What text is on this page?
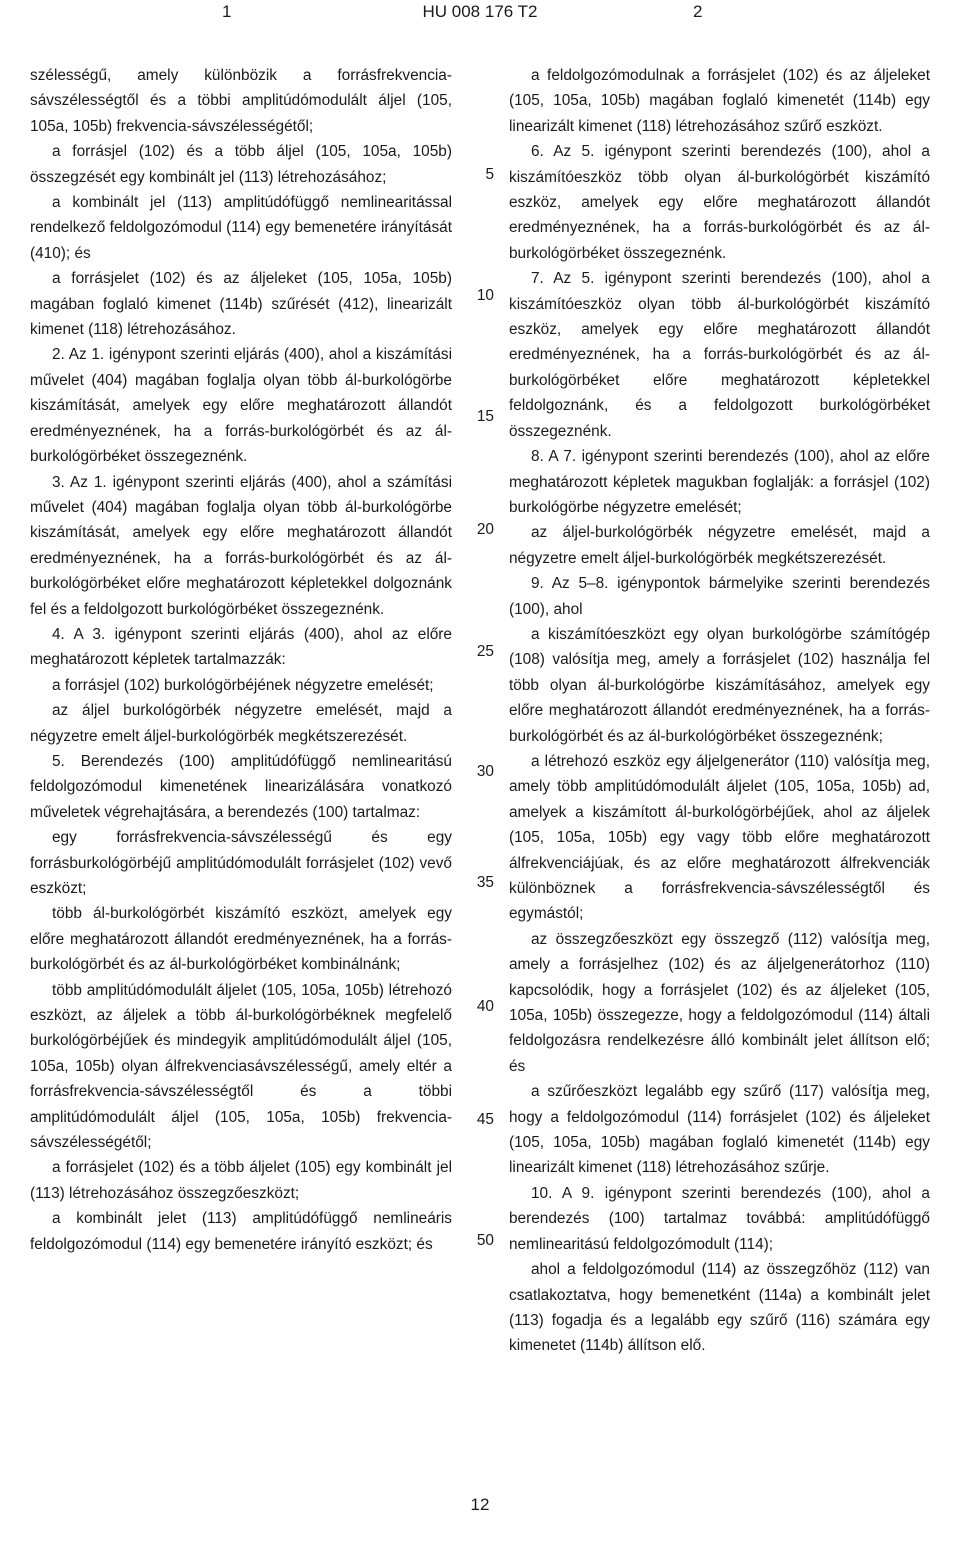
1	HU 008 176 T2	2

szélességű, amely különbözik a forrásfrekvencia-sávszélességtől és a többi amplitúdómodulált áljel (105, 105a, 105b) frekvencia-sávszélességétől;

a forrásjel (102) és a több áljel (105, 105a, 105b) összegzését egy kombinált jel (113) létrehozásához;

a kombinált jel (113) amplitúdófüggő nemlinearitással rendelkező feldolgozómodul (114) egy bemenetére irányítását (410); és

a forrásjelet (102) és az áljeleket (105, 105a, 105b) magában foglaló kimenet (114b) szűrését (412), linearizált kimenet (118) létrehozásához.

2. Az 1. igénypont szerinti eljárás (400), ahol a kiszámítási művelet (404) magában foglalja olyan több ál-burkológörbe kiszámítását, amelyek egy előre meghatározott állandót eredményeznének, ha a forrás-burkológörbét és az ál-burkológörbéket összegeznénk.

3. Az 1. igénypont szerinti eljárás (400), ahol a számítási művelet (404) magában foglalja olyan több ál-burkológörbe kiszámítását, amelyek egy előre meghatározott állandót eredményeznének, ha a forrás-burkológörbét és az ál-burkológörbéket előre meghatározott képletekkel dolgoznánk fel és a feldolgozott burkológörbéket összegeznénk.

4. A 3. igénypont szerinti eljárás (400), ahol az előre meghatározott képletek tartalmazzák:

a forrásjel (102) burkológörbéjének négyzetre emelését;

az áljel burkológörbék négyzetre emelését, majd a négyzetre emelt áljel-burkológörbék megkétszerezését.

5. Berendezés (100) amplitúdófüggő nemlinearitású feldolgozómodul kimenetének linearizálására vonatkozó műveletek végrehajtására, a berendezés (100) tartalmaz:

egy forrásfrekvencia-sávszélességű és egy forrásburkológörbéjű amplitúdómodulált forrásjelet (102) vevő eszközt;

több ál-burkológörbét kiszámító eszközt, amelyek egy előre meghatározott állandót eredményeznének, ha a forrás-burkológörbét és az ál-burkológörbéket kombinálnánk;

több amplitúdómodulált áljelet (105, 105a, 105b) létrehozó eszközt, az áljelek a több ál-burkológörbéknek megfelelő burkológörbéjűek és mindegyik amplitúdómodulált áljel (105, 105a, 105b) olyan álfrekvenciasávszélességű, amely eltér a forrásfrekvencia-sávszélességtől és a többi amplitúdómodulált áljel (105, 105a, 105b) frekvencia-sávszélességétől;

a forrásjelet (102) és a több áljelet (105) egy kombinált jel (113) létrehozásához összegzőeszközt;

a kombinált jelet (113) amplitúdófüggő nemlineáris feldolgozómodul (114) egy bemenetére irányító eszközt; és

5
10
15
20
25
30
35
40
45
50

a feldolgozómodulnak a forrásjelet (102) és az áljeleket (105, 105a, 105b) magában foglaló kimenetét (114b) egy linearizált kimenet (118) létrehozásához szűrő eszközt.

6. Az 5. igénypont szerinti berendezés (100), ahol a kiszámítóeszköz több olyan ál-burkológörbét kiszámító eszköz, amelyek egy előre meghatározott állandót eredményeznének, ha a forrás-burkológörbét és az ál-burkológörbéket összegeznénk.

7. Az 5. igénypont szerinti berendezés (100), ahol a kiszámítóeszköz olyan több ál-burkológörbét kiszámító eszköz, amelyek egy előre meghatározott állandót eredményeznének, ha a forrás-burkológörbét és az ál-burkológörbéket előre meghatározott képletekkel feldolgoznánk, és a feldolgozott burkológörbéket összegeznénk.

8. A 7. igénypont szerinti berendezés (100), ahol az előre meghatározott képletek magukban foglalják: a forrásjel (102) burkológörbe négyzetre emelését;

az áljel-burkológörbék négyzetre emelését, majd a négyzetre emelt áljel-burkológörbék megkétszerezését.

9. Az 5–8. igénypontok bármelyike szerinti berendezés (100), ahol

a kiszámítóeszközt egy olyan burkológörbe számítógép (108) valósítja meg, amely a forrásjelet (102) használja fel több olyan ál-burkológörbe kiszámításához, amelyek egy előre meghatározott állandót eredményeznének, ha a forrás-burkológörbét és az ál-burkológörbéket összegeznénk;

a létrehozó eszköz egy áljelgenerátor (110) valósítja meg, amely több amplitúdómodulált áljelet (105, 105a, 105b) ad, amelyek a kiszámított ál-burkológörbéjűek, ahol az áljelek (105, 105a, 105b) egy vagy több előre meghatározott álfrekvenciájúak, és az előre meghatározott álfrekvenciák különböznek a forrásfrekvencia-sávszélességtől és egymástól;

az összegzőeszközt egy összegző (112) valósítja meg, amely a forrásjelhez (102) és az áljelgenerátorhoz (110) kapcsolódik, hogy a forrásjelet (102) és az áljeleket (105, 105a, 105b) összegezze, hogy a feldolgozómodul (114) általi feldolgozásra rendelkezésre álló kombinált jelet állítson elő; és

a szűrőeszközt legalább egy szűrő (117) valósítja meg, hogy a feldolgozómodul (114) forrásjelet (102) és áljeleket (105, 105a, 105b) magában foglaló kimenetét (114b) egy linearizált kimenet (118) létrehozásához szűrje.

10. A 9. igénypont szerinti berendezés (100), ahol a berendezés (100) tartalmaz továbbá: amplitúdófüggő nemlinearitású feldolgozómodult (114);

ahol a feldolgozómodul (114) az összegzőhöz (112) van csatlakoztatva, hogy bemenetként (114a) a kombinált jelet (113) fogadja és a legalább egy szűrő (116) számára egy kimenetet (114b) állítson elő.

12
